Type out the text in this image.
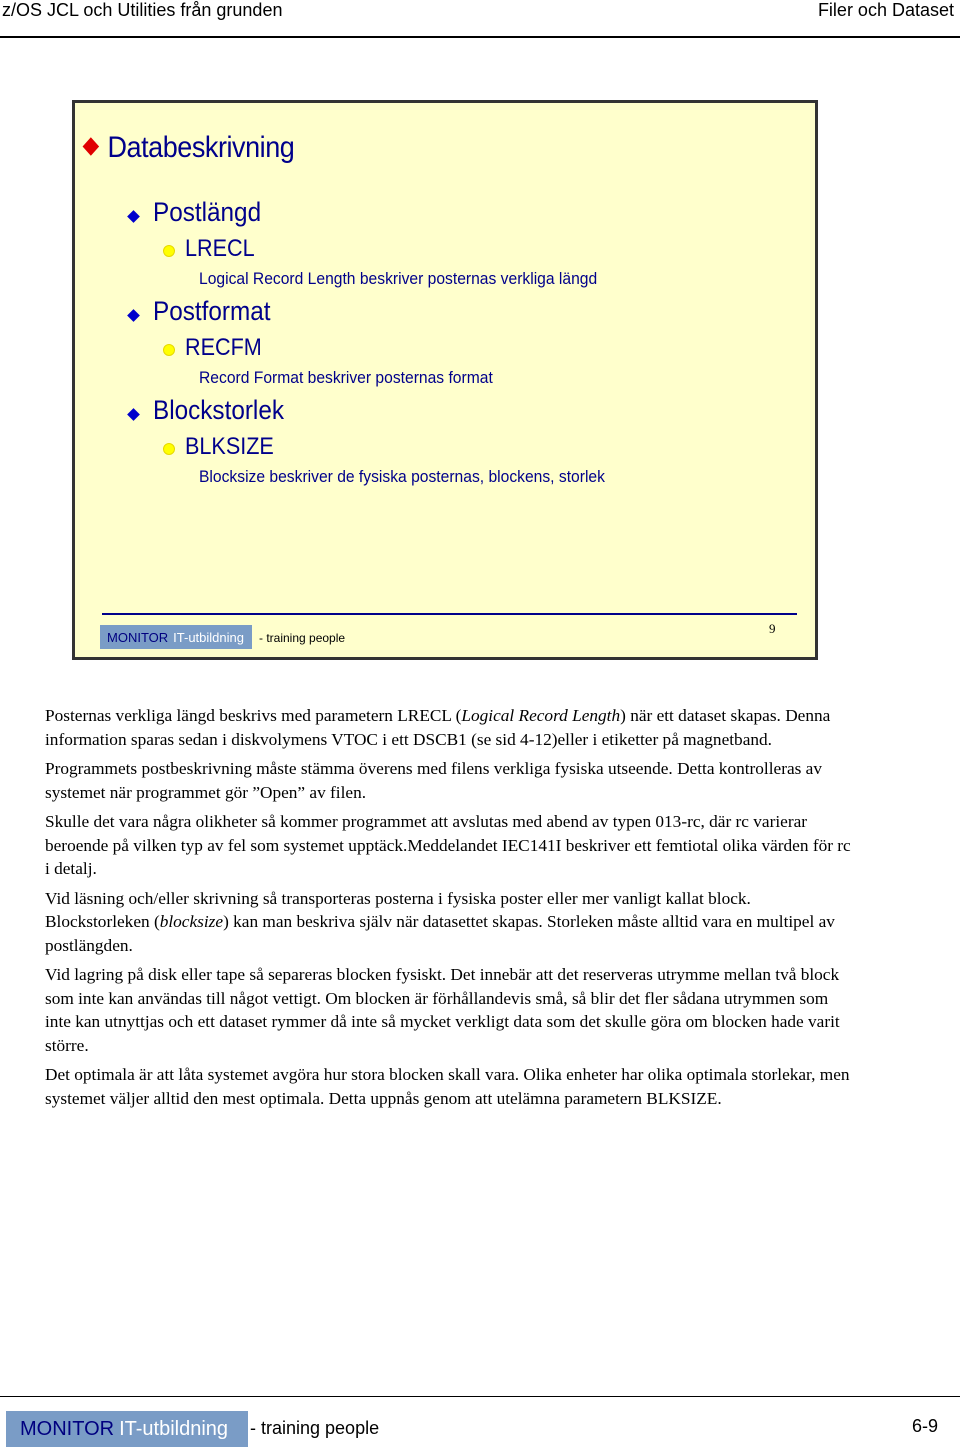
z/OS JCL och Utilities från grunden	Filer och Dataset
Databeskrivning
Postlängd
LRECL
Logical Record Length beskriver posternas verkliga längd
Postformat
RECFM
Record Format beskriver posternas format
Blockstorlek
BLKSIZE
Blocksize beskriver de fysiska posternas, blockens, storlek
MONITOR IT-utbildning - training people
9

Posternas verkliga längd beskrivs med parametern LRECL (Logical Record Length) när ett dataset skapas. Denna information sparas sedan i diskvolymens VTOC i ett DSCB1 (se sid 4-12)eller i etiketter på magnetband.

Programmets postbeskrivning måste stämma överens med filens verkliga fysiska utseende. Detta kontrolleras av systemet när programmet gör ”Open” av filen.

Skulle det vara några olikheter så kommer programmet att avslutas med abend av typen 013-rc, där rc varierar beroende på vilken typ av fel som systemet upptäck.Meddelandet IEC141I beskriver ett femtiotal olika värden för rc i detalj.

Vid läsning och/eller skrivning så transporteras posterna i fysiska poster eller mer vanligt kallat block. Blockstorleken (blocksize) kan man beskriva själv när datasettet skapas. Storleken måste alltid vara en multipel av postlängden.

Vid lagring på disk eller tape så separeras blocken fysiskt. Det innebär att det reserveras utrymme mellan två block som inte kan användas till något vettigt. Om blocken är förhållandevis små, så blir det fler sådana utrymmen som inte kan utnyttjas och ett dataset rymmer då inte så mycket verkligt data som det skulle göra om blocken hade varit större.

Det optimala är att låta systemet avgöra hur stora blocken skall vara. Olika enheter har olika optimala storlekar, men systemet väljer alltid den mest optimala. Detta uppnås genom att utelämna parametern BLKSIZE.

MONITOR IT-utbildning - training people	6-9
